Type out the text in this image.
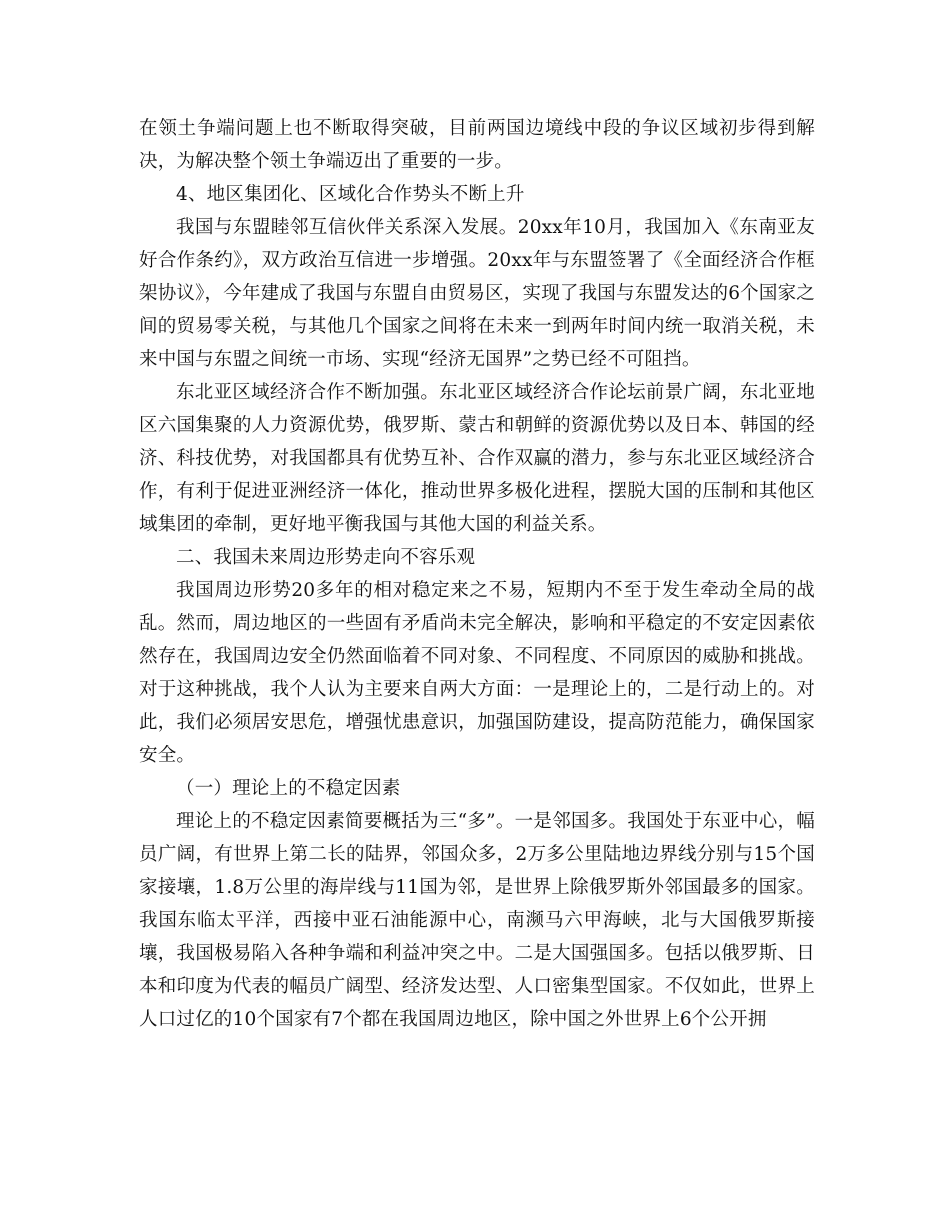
在领土争端问题上也不断取得突破，目前两国边境线中段的争议区域初步得到解决，为解决整个领土争端迈出了重要的一步。

4、地区集团化、区域化合作势头不断上升

我国与东盟睦邻互信伙伴关系深入发展。20xx年10月，我国加入《东南亚友好合作条约》，双方政治互信进一步增强。20xx年与东盟签署了《全面经济合作框架协议》，今年建成了我国与东盟自由贸易区，实现了我国与东盟发达的6个国家之间的贸易零关税，与其他几个国家之间将在未来一到两年时间内统一取消关税，未来中国与东盟之间统一市场、实现“经济无国界”之势已经不可阻挡。

东北亚区域经济合作不断加强。东北亚区域经济合作论坛前景广阔，东北亚地区六国集聚的人力资源优势，俄罗斯、蒙古和朝鲜的资源优势以及日本、韩国的经济、科技优势，对我国都具有优势互补、合作双赢的潜力，参与东北亚区域经济合作，有利于促进亚洲经济一体化，推动世界多极化进程，摆脱大国的压制和其他区域集团的牵制，更好地平衡我国与其他大国的利益关系。

二、我国未来周边形势走向不容乐观

我国周边形势20多年的相对稳定来之不易，短期内不至于发生牵动全局的战乱。然而，周边地区的一些固有矛盾尚未完全解决，影响和平稳定的不安定因素依然存在，我国周边安全仍然面临着不同对象、不同程度、不同原因的威胁和挑战。对于这种挑战，我个人认为主要来自两大方面：一是理论上的，二是行动上的。对此，我们必须居安思危，增强忧患意识，加强国防建设，提高防范能力，确保国家安全。

（一）理论上的不稳定因素

理论上的不稳定因素简要概括为三“多”。一是邻国多。我国处于东亚中心，幅员广阔，有世界上第二长的陆界，邻国众多，2万多公里陆地边界线分别与15个国家接壤，1.8万公里的海岸线与11国为邻，是世界上除俄罗斯外邻国最多的国家。我国东临太平洋，西接中亚石油能源中心，南濒马六甲海峡，北与大国俄罗斯接壤，我国极易陷入各种争端和利益冲突之中。二是大国强国多。包括以俄罗斯、日本和印度为代表的幅员广阔型、经济发达型、人口密集型国家。不仅如此，世界上人口过亿的10个国家有7个都在我国周边地区，除中国之外世界上6个公开拥
